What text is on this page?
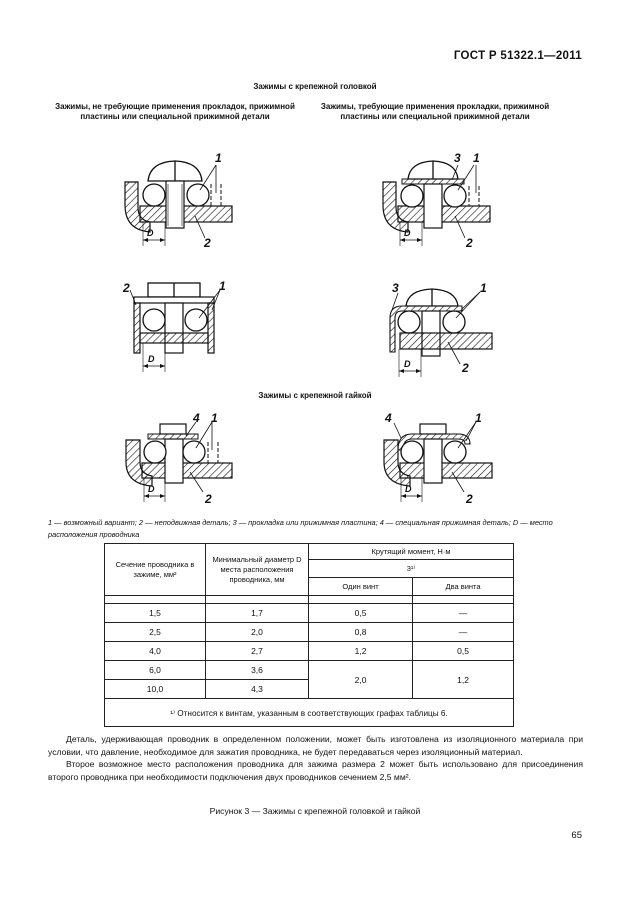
ГОСТ Р 51322.1—2011
Зажимы с крепежной головкой
Зажимы, не требующие применения прокладок, прижимной пластины или специальной прижимной детали
Зажимы, требующие применения прокладки, прижимной пластины или специальной прижимной детали
Зажимы с крепежной гайкой
1
2
D
3 1
2
D
1
2
D
3	1
2
D
4 1
2
D
4	1
2
D
1 — возможный вариант; 2 — неподвижная деталь; 3 — прокладка или прижимная пластина; 4 — специальная прижимная деталь; D — место расположения проводника
Сечение проводника в зажиме, мм²	Минимальный диаметр D места расположения проводника, мм	Крутящий момент, Н·м	
		3¹⁾	
		Один винт	Два винта

1,5	1,7	0,5	—
2,5	2,0	0,8	—
4,0	2,7	1,2	0,5
6,0	3,6	2,0	1,2
10,0	4,3		
¹⁾ Относится к винтам, указанным в соответствующих графах таблицы 6.			

Деталь, удерживающая проводник в определенном положении, может быть изготовлена из изоляционного материала при условии, что давление, необходимое для зажатия проводника, не будет передаваться через изоляционный материал.

Второе возможное место расположения проводника для зажима размера 2 может быть использовано для присоединения второго проводника при необходимости подключения двух проводников сечением 2,5 мм².

Рисунок 3 — Зажимы с крепежной головкой и гайкой
65
